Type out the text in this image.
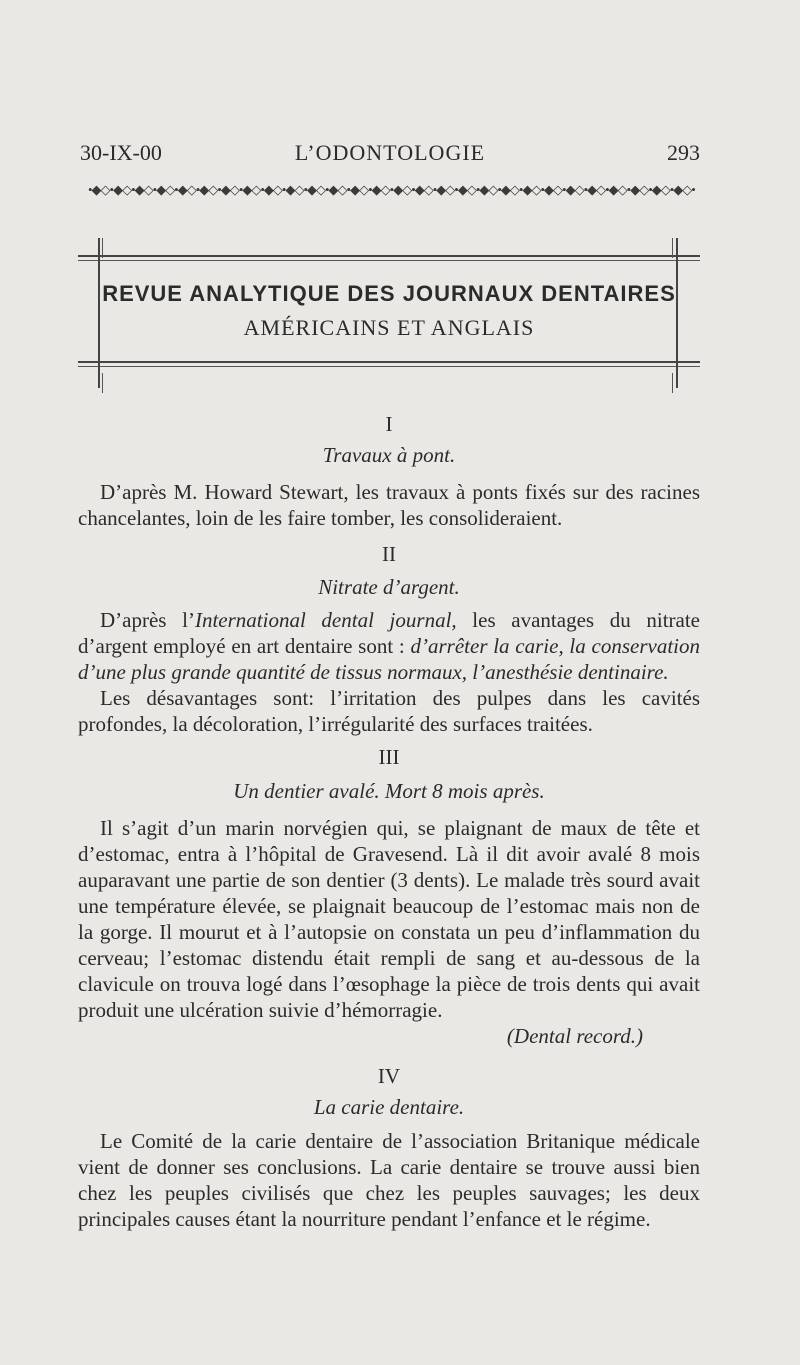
30-IX-00	L’ODONTOLOGIE	293
•◆◇•◆◇•◆◇•◆◇•◆◇•◆◇•◆◇•◆◇•◆◇•◆◇•◆◇•◆◇•◆◇•◆◇•◆◇•◆◇•◆◇•◆◇•◆◇•◆◇•◆◇•◆◇•◆◇•◆◇•◆◇•◆◇•◆◇•◆◇•
REVUE ANALYTIQUE DES JOURNAUX DENTAIRES
AMÉRICAINS ET ANGLAIS
I
Travaux à pont.
D’après M. Howard Stewart, les travaux à ponts fixés sur des racines chancelantes, loin de les faire tomber, les consolideraient.
II
Nitrate d’argent.
D’après l’International dental journal, les avantages du nitrate d’argent employé en art dentaire sont : d’arrêter la carie, la conservation d’une plus grande quantité de tissus normaux, l’anesthésie dentinaire.
Les désavantages sont: l’irritation des pulpes dans les cavités profondes, la décoloration, l’irrégularité des surfaces traitées.
III
Un dentier avalé. Mort 8 mois après.
Il s’agit d’un marin norvégien qui, se plaignant de maux de tête et d’estomac, entra à l’hôpital de Gravesend. Là il dit avoir avalé 8 mois auparavant une partie de son dentier (3 dents). Le malade très sourd avait une température élevée, se plaignait beaucoup de l’estomac mais non de la gorge. Il mourut et à l’autopsie on constata un peu d’inflammation du cerveau; l’estomac distendu était rempli de sang et au-dessous de la clavicule on trouva logé dans l’œsophage la pièce de trois dents qui avait produit une ulcération suivie d’hémorragie.
(Dental record.)
IV
La carie dentaire.
Le Comité de la carie dentaire de l’association Britanique médicale vient de donner ses conclusions. La carie dentaire se trouve aussi bien chez les peuples civilisés que chez les peuples sauvages; les deux principales causes étant la nourriture pendant l’enfance et le régime.
